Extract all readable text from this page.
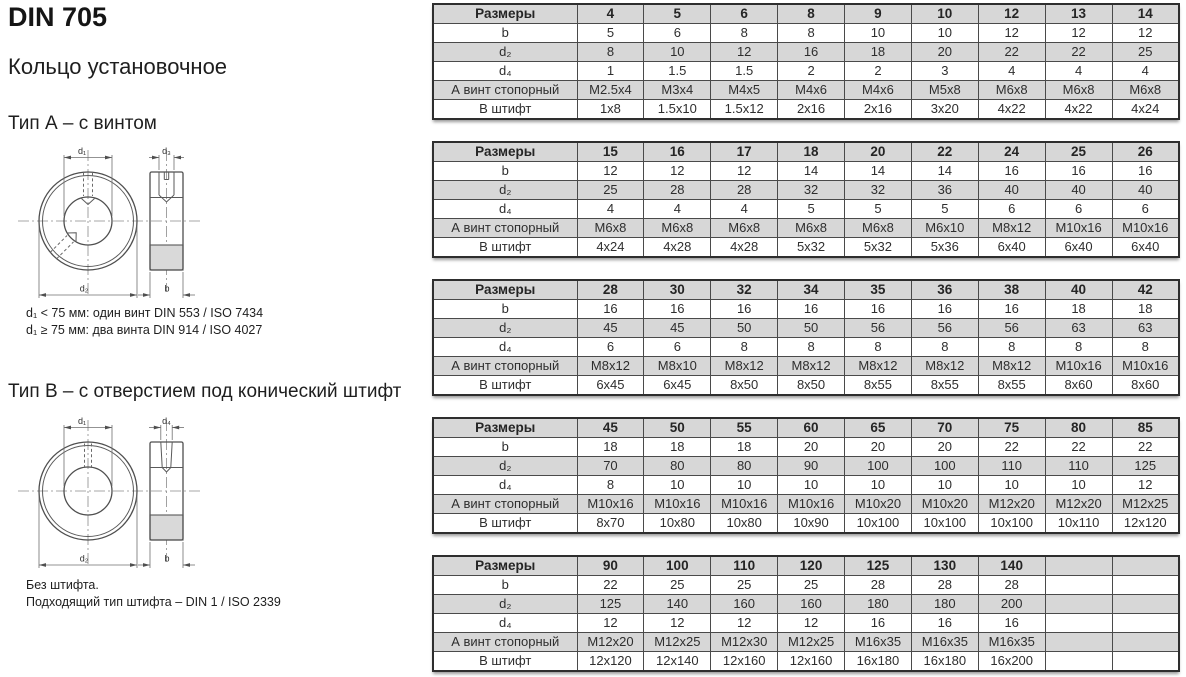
DIN 705
Кольцо установочное
Тип А – с винтом
d₁
d₂
d₃
b
d₁ < 75 мм: один винт DIN 553 / ISO 7434
d₁ ≥ 75 мм: два винта DIN 914 / ISO 4027
Тип В – с отверстием под конический штифт
d₁
d₂
d₄
b
Без штифта.
Подходящий тип штифта – DIN 1 / ISO 2339
Размеры	4	5	6	8	9	10	12	13	14
b	5	6	8	8	10	10	12	12	12
d₂	8	10	12	16	18	20	22	22	25
d₄	1	1.5	1.5	2	2	3	4	4	4
А винт стопорный	M2.5x4	M3x4	M4x5	M4x6	M4x6	M5x8	M6x8	M6x8	M6x8
В штифт	1x8	1.5x10	1.5x12	2x16	2x16	3x20	4x22	4x22	4x24
Размеры	15	16	17	18	20	22	24	25	26
b	12	12	12	14	14	14	16	16	16
d₂	25	28	28	32	32	36	40	40	40
d₄	4	4	4	5	5	5	6	6	6
А винт стопорный	M6x8	M6x8	M6x8	M6x8	M6x8	M6x10	M8x12	M10x16	M10x16
В штифт	4x24	4x28	4x28	5x32	5x32	5x36	6x40	6x40	6x40
Размеры	28	30	32	34	35	36	38	40	42
b	16	16	16	16	16	16	16	18	18
d₂	45	45	50	50	56	56	56	63	63
d₄	6	6	8	8	8	8	8	8	8
А винт стопорный	M8x12	M8x10	M8x12	M8x12	M8x12	M8x12	M8x12	M10x16	M10x16
В штифт	6x45	6x45	8x50	8x50	8x55	8x55	8x55	8x60	8x60
Размеры	45	50	55	60	65	70	75	80	85
b	18	18	18	20	20	20	22	22	22
d₂	70	80	80	90	100	100	110	110	125
d₄	8	10	10	10	10	10	10	10	12
А винт стопорный	M10x16	M10x16	M10x16	M10x16	M10x20	M10x20	M12x20	M12x20	M12x25
В штифт	8x70	10x80	10x80	10x90	10x100	10x100	10x100	10x110	12x120
Размеры	90	100	110	120	125	130	140		
b	22	25	25	25	28	28	28		
d₂	125	140	160	160	180	180	200		
d₄	12	12	12	12	16	16	16		
А винт стопорный	M12x20	M12x25	M12x30	M12x25	M16x35	M16x35	M16x35		
В штифт	12x120	12x140	12x160	12x160	16x180	16x180	16x200		
